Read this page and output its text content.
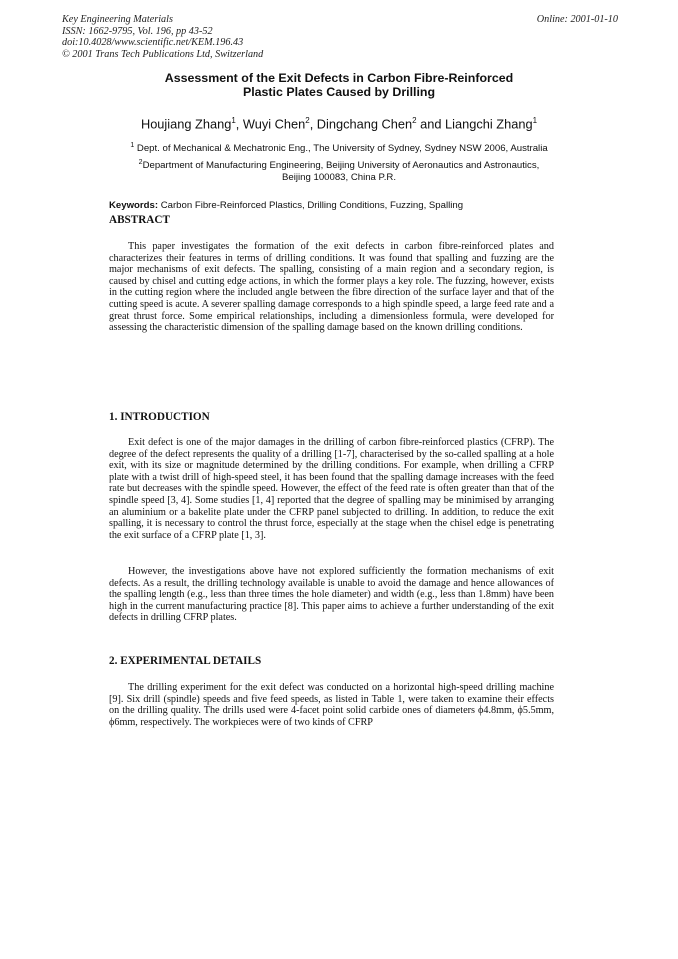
Key Engineering Materials
ISSN: 1662-9795, Vol. 196, pp 43-52
doi:10.4028/www.scientific.net/KEM.196.43
© 2001 Trans Tech Publications Ltd, Switzerland
Online: 2001-01-10
Assessment of the Exit Defects in Carbon Fibre-Reinforced
Plastic Plates Caused by Drilling
Houjiang Zhang$^1$, Wuyi Chen$^2$, Dingchang Chen$^2$ and Liangchi Zhang$^1$
$^1$ Dept. of Mechanical & Mechatronic Eng., The University of Sydney, Sydney NSW 2006, Australia
$^2$Department of Manufacturing Engineering, Beijing University of Aeronautics and Astronautics,
Beijing 100083, China P.R.
Keywords: Carbon Fibre-Reinforced Plastics, Drilling Conditions, Fuzzing, Spalling
ABSTRACT
This paper investigates the formation of the exit defects in carbon fibre-reinforced plates and characterizes their features in terms of drilling conditions. It was found that spalling and fuzzing are the major mechanisms of exit defects. The spalling, consisting of a main region and a secondary region, is caused by chisel and cutting edge actions, in which the former plays a key role. The fuzzing, however, exists in the cutting region where the included angle between the fibre direction of the surface layer and that of the cutting speed is acute. A severer spalling damage corresponds to a high spindle speed, a large feed rate and a great thrust force. Some empirical relationships, including a dimensionless formula, were developed for assessing the characteristic dimension of the spalling damage based on the known drilling conditions.
1. INTRODUCTION
Exit defect is one of the major damages in the drilling of carbon fibre-reinforced plastics (CFRP). The degree of the defect represents the quality of a drilling [1-7], characterised by the so-called spalling at a hole exit, with its size or magnitude determined by the drilling conditions. For example, when drilling a CFRP plate with a twist drill of high-speed steel, it has been found that the spalling damage increases with the feed rate but decreases with the spindle speed. However, the effect of the feed rate is often greater than that of the spindle speed [3, 4]. Some studies [1, 4] reported that the degree of spalling may be minimised by arranging an aluminium or a bakelite plate under the CFRP panel subjected to drilling. In addition, to reduce the exit spalling, it is necessary to control the thrust force, especially at the stage when the chisel edge is penetrating the exit surface of a CFRP plate [1, 3].
However, the investigations above have not explored sufficiently the formation mechanisms of exit defects. As a result, the drilling technology available is unable to avoid the damage and hence allowances of the spalling length (e.g., less than three times the hole diameter) and width (e.g., less than 1.8mm) have been high in the current manufacturing practice [8]. This paper aims to achieve a further understanding of the exit defects in drilling CFRP plates.
2. EXPERIMENTAL DETAILS
The drilling experiment for the exit defect was conducted on a horizontal high-speed drilling machine [9]. Six drill (spindle) speeds and five feed speeds, as listed in Table 1, were taken to examine their effects on the drilling quality. The drills used were 4-facet point solid carbide ones of diameters ϕ4.8mm, ϕ5.5mm, ϕ6mm, respectively. The workpieces were of two kinds of CFRP
